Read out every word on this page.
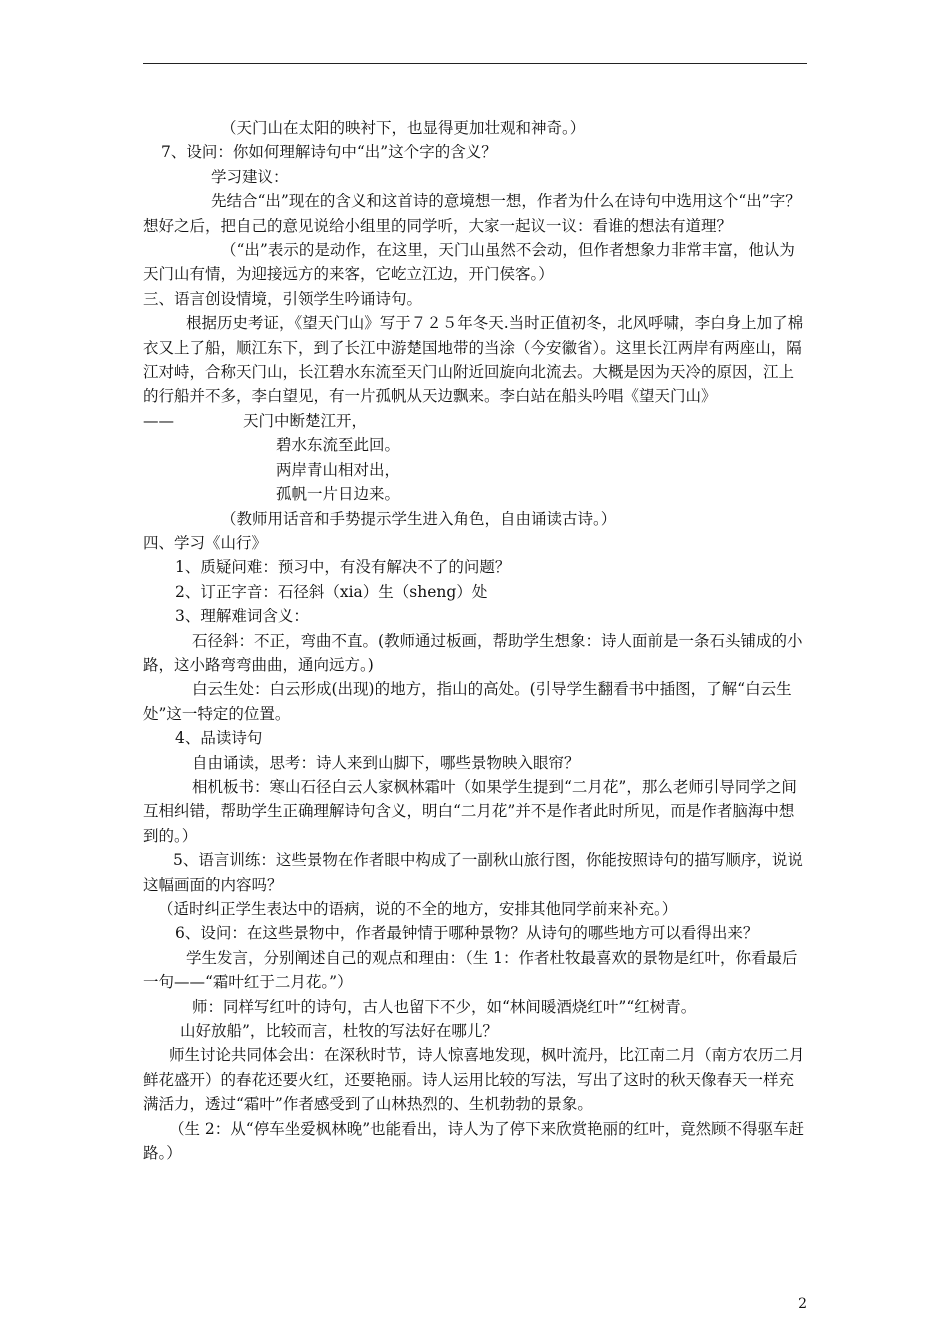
（天门山在太阳的映衬下，也显得更加壮观和神奇。）

7、设问：你如何理解诗句中“出”这个字的含义？

学习建议：

先结合“出”现在的含义和这首诗的意境想一想，作者为什么在诗句中选用这个“出”字？想好之后，把自己的意见说给小组里的同学听，大家一起议一议：看谁的想法有道理？

（“出”表示的是动作，在这里，天门山虽然不会动，但作者想象力非常丰富，他认为天门山有情，为迎接远方的来客，它屹立江边，开门侯客。）

三、语言创设情境，引领学生吟诵诗句。

根据历史考证，《望天门山》写于７２５年冬天.当时正值初冬，北风呼啸，李白身上加了棉衣又上了船，顺江东下，到了长江中游楚国地带的当涂（今安徽省）。这里长江两岸有两座山，隔江对峙，合称天门山，长江碧水东流至天门山附近回旋向北流去。大概是因为天冷的原因，江上的行船并不多，李白望见，有一片孤帆从天边飘来。李白站在船头吟唱《望天门山》

——	天门中断楚江开，

碧水东流至此回。

两岸青山相对出，

孤帆一片日边来。

（教师用话音和手势提示学生进入角色，自由诵读古诗。）

四、学习《山行》

1、质疑问难：预习中，有没有解决不了的问题？

2、订正字音：石径斜（xia）生（sheng）处

3、理解难词含义：

石径斜：不正，弯曲不直。(教师通过板画，帮助学生想象：诗人面前是一条石头铺成的小路，这小路弯弯曲曲，通向远方。)

白云生处：白云形成(出现)的地方，指山的高处。(引导学生翻看书中插图，了解“白云生处”这一特定的位置。

4、品读诗句

自由诵读，思考：诗人来到山脚下，哪些景物映入眼帘？

相机板书：寒山石径白云人家枫林霜叶（如果学生提到“二月花”，那么老师引导同学之间互相纠错，帮助学生正确理解诗句含义，明白“二月花”并不是作者此时所见，而是作者脑海中想到的。）

5、语言训练：这些景物在作者眼中构成了一副秋山旅行图，你能按照诗句的描写顺序，说说这幅画面的内容吗？

（适时纠正学生表达中的语病，说的不全的地方，安排其他同学前来补充。）

6、设问：在这些景物中，作者最钟情于哪种景物？从诗句的哪些地方可以看得出来？

学生发言，分别阐述自己的观点和理由：（生 1：作者杜牧最喜欢的景物是红叶，你看最后一句——“霜叶红于二月花。”）

师：同样写红叶的诗句，古人也留下不少，如“林间暖酒烧红叶”“红树青。

山好放船”，比较而言，杜牧的写法好在哪儿？

师生讨论共同体会出：在深秋时节，诗人惊喜地发现，枫叶流丹，比江南二月（南方农历二月鲜花盛开）的春花还要火红，还要艳丽。诗人运用比较的写法，写出了这时的秋天像春天一样充满活力，透过“霜叶”作者感受到了山林热烈的、生机勃勃的景象。

（生 2：从“停车坐爱枫林晚”也能看出，诗人为了停下来欣赏艳丽的红叶，竟然顾不得驱车赶路。）

2
